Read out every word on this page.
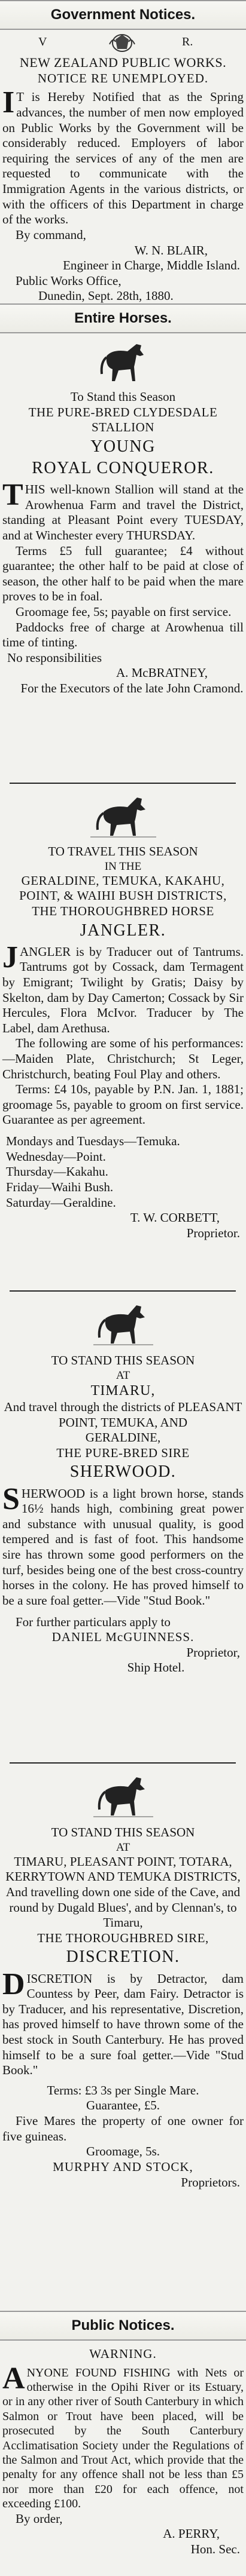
Government Notices.
V	R.
NEW ZEALAND PUBLIC WORKS.
NOTICE RE UNEMPLOYED.

IT is Hereby Notified that as the Spring advances, the number of men now employed on Public Works by the Government will be considerably reduced. Employers of labor requiring the services of any of the men are requested to communicate with the Immigration Agents in the various districts, or with the officers of this Department in charge of the works.

By command,
W. N. BLAIR,
Engineer in Charge, Middle Island.
Public Works Office,
Dunedin, Sept. 28th, 1880.
Entire Horses.
To Stand this Season
THE PURE-BRED CLYDESDALE STALLION
YOUNG
ROYAL CONQUEROR.

THIS well-known Stallion will stand at the Arowhenua Farm and travel the District, standing at Pleasant Point every TUESDAY, and at Winchester every THURSDAY.

Terms £5 full guarantee; £4 without guarantee; the other half to be paid at close of season, the other half to be paid when the mare proves to be in foal.

Groomage fee, 5s; payable on first service.

Paddocks free of charge at Arowhenua till time of tinting.

No responsibilities
A. McBRATNEY,
For the Executors of the late John Cramond.
TO TRAVEL THIS SEASON
IN THE
GERALDINE, TEMUKA, KAKAHU, POINT, & WAIHI BUSH DISTRICTS,
THE THOROUGHBRED HORSE
JANGLER.

JANGLER is by Traducer out of Tantrums. Tantrums got by Cossack, dam Termagent by Emigrant; Twilight by Gratis; Daisy by Skelton, dam by Day Camerton; Cossack by Sir Hercules, Flora McIvor. Traducer by The Label, dam Arethusa.

The following are some of his performances:—Maiden Plate, Christchurch; St Leger, Christchurch, beating Foul Play and others.

Terms: £4 10s, payable by P.N. Jan. 1, 1881; groomage 5s, payable to groom on first service. Guarantee as per agreement.

Mondays and Tuesdays—Temuka.
Wednesday—Point.
Thursday—Kakahu.
Friday—Waihi Bush.
Saturday—Geraldine.
T. W. CORBETT,
Proprietor.
TO STAND THIS SEASON
AT
TIMARU,
And travel through the districts of PLEASANT POINT, TEMUKA, AND
GERALDINE,
THE PURE-BRED SIRE
SHERWOOD.

SHERWOOD is a light brown horse, stands 16½ hands high, combining great power and substance with unusual quality, is good tempered and is fast of foot. This handsome sire has thrown some good performers on the turf, besides being one of the best cross-country horses in the colony. He has proved himself to be a sure foal getter.—Vide "Stud Book."

For further particulars apply to
DANIEL McGUINNESS.
Proprietor,
Ship Hotel.
TO STAND THIS SEASON
AT
TIMARU, PLEASANT POINT, TOTARA, KERRYTOWN AND TEMUKA DISTRICTS,
And travelling down one side of the Cave, and round by Dugald Blues', and by Clennan's, to Timaru,
THE THOROUGHBRED SIRE,
DISCRETION.

DISCRETION is by Detractor, dam Countess by Peer, dam Fairy. Detractor is by Traducer, and his representative, Discretion, has proved himself to have thrown some of the best stock in South Canterbury. He has proved himself to be a sure foal getter.—Vide "Stud Book."

Terms: £3 3s per Single Mare.
Guarantee, £5.

Five Mares the property of one owner for five guineas.

Groomage, 5s.
MURPHY AND STOCK,
Proprietors.
Public Notices.
WARNING.

ANYONE FOUND FISHING with Nets or otherwise in the Opihi River or its Estuary, or in any other river of South Canterbury in which Salmon or Trout have been placed, will be prosecuted by the South Canterbury Acclimatisation Society under the Regulations of the Salmon and Trout Act, which provide that the penalty for any offence shall not be less than £5 nor more than £20 for each offence, not exceeding £100.

By order,
A. PERRY,
Hon. Sec.
